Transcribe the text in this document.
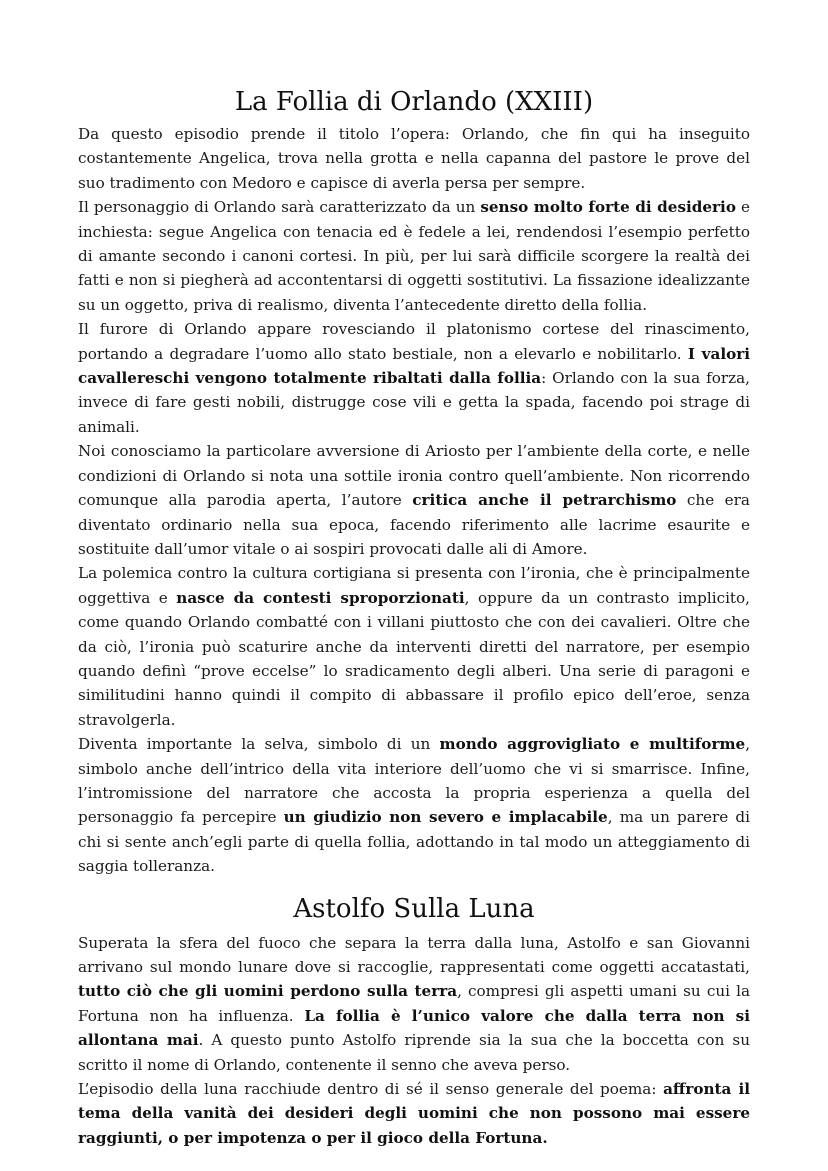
La Follia di Orlando (XXIII)

Da questo episodio prende il titolo l’opera: Orlando, che fin qui ha inseguito costantemente Angelica, trova nella grotta e nella capanna del pastore le prove del suo tradimento con Medoro e capisce di averla persa per sempre.

Il personaggio di Orlando sarà caratterizzato da un senso molto forte di desiderio e inchiesta: segue Angelica con tenacia ed è fedele a lei, rendendosi l’esempio perfetto di amante secondo i canoni cortesi. In più, per lui sarà difficile scorgere la realtà dei fatti e non si piegherà ad accontentarsi di oggetti sostitutivi. La fissazione idealizzante su un oggetto, priva di realismo, diventa l’antecedente diretto della follia.

Il furore di Orlando appare rovesciando il platonismo cortese del rinascimento, portando a degradare l’uomo allo stato bestiale, non a elevarlo e nobilitarlo. I valori cavallereschi vengono totalmente ribaltati dalla follia: Orlando con la sua forza, invece di fare gesti nobili, distrugge cose vili e getta la spada, facendo poi strage di animali.

Noi conosciamo la particolare avversione di Ariosto per l’ambiente della corte, e nelle condizioni di Orlando si nota una sottile ironia contro quell’ambiente. Non ricorrendo comunque alla parodia aperta, l’autore critica anche il petrarchismo che era diventato ordinario nella sua epoca, facendo riferimento alle lacrime esaurite e sostituite dall’umor vitale o ai sospiri provocati dalle ali di Amore.

La polemica contro la cultura cortigiana si presenta con l’ironia, che è principalmente oggettiva e nasce da contesti sproporzionati, oppure da un contrasto implicito, come quando Orlando combatté con i villani piuttosto che con dei cavalieri. Oltre che da ciò, l’ironia può scaturire anche da interventi diretti del narratore, per esempio quando definì “prove eccelse” lo sradicamento degli alberi. Una serie di paragoni e similitudini hanno quindi il compito di abbassare il profilo epico dell’eroe, senza stravolgerla.

Diventa importante la selva, simbolo di un mondo aggrovigliato e multiforme, simbolo anche dell’intrico della vita interiore dell’uomo che vi si smarrisce. Infine, l’intromissione del narratore che accosta la propria esperienza a quella del personaggio fa percepire un giudizio non severo e implacabile, ma un parere di chi si sente anch’egli parte di quella follia, adottando in tal modo un atteggiamento di saggia tolleranza.

Astolfo Sulla Luna

Superata la sfera del fuoco che separa la terra dalla luna, Astolfo e san Giovanni arrivano sul mondo lunare dove si raccoglie, rappresentati come oggetti accatastati, tutto ciò che gli uomini perdono sulla terra, compresi gli aspetti umani su cui la Fortuna non ha influenza. La follia è l’unico valore che dalla terra non si allontana mai. A questo punto Astolfo riprende sia la sua che la boccetta con su scritto il nome di Orlando, contenente il senno che aveva perso.

L’episodio della luna racchiude dentro di sé il senso generale del poema: affronta il tema della vanità dei desideri degli uomini che non possono mai essere raggiunti, o per impotenza o per il gioco della Fortuna.
